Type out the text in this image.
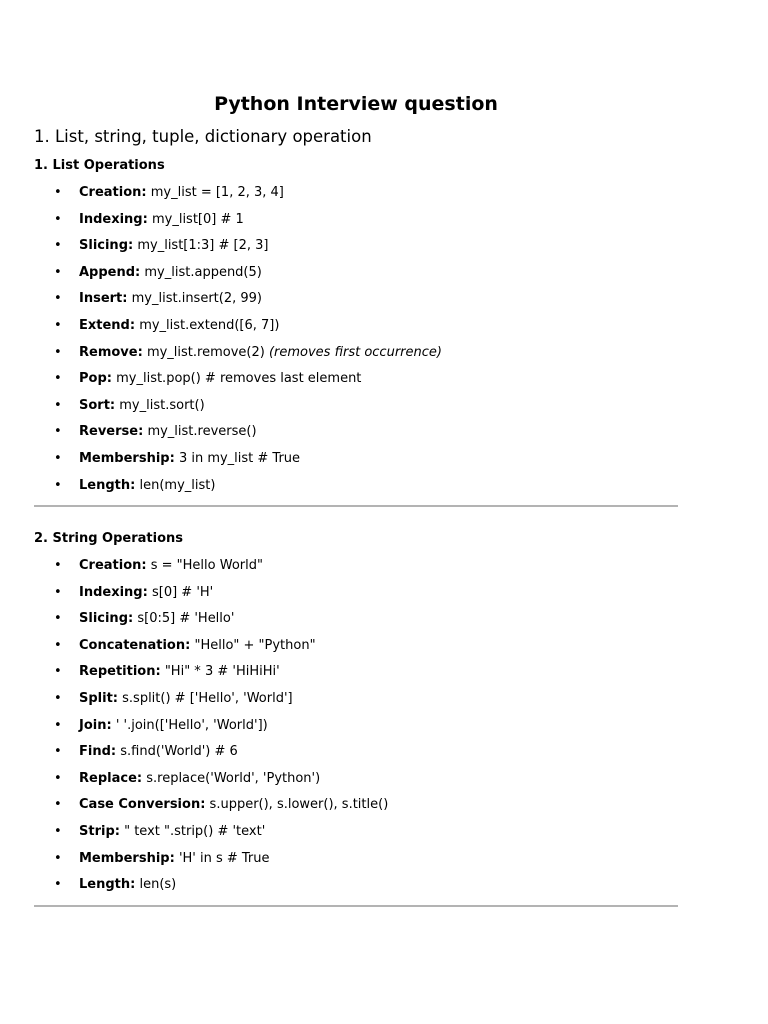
Python Interview question
1. List, string, tuple, dictionary operation
1. List Operations
• Creation: my_list = [1, 2, 3, 4]
• Indexing: my_list[0] # 1
• Slicing: my_list[1:3] # [2, 3]
• Append: my_list.append(5)
• Insert: my_list.insert(2, 99)
• Extend: my_list.extend([6, 7])
• Remove: my_list.remove(2) (removes first occurrence)
• Pop: my_list.pop() # removes last element
• Sort: my_list.sort()
• Reverse: my_list.reverse()
• Membership: 3 in my_list # True
• Length: len(my_list)
2. String Operations
• Creation: s = "Hello World"
• Indexing: s[0] # 'H'
• Slicing: s[0:5] # 'Hello'
• Concatenation: "Hello" + "Python"
• Repetition: "Hi" * 3 # 'HiHiHi'
• Split: s.split() # ['Hello', 'World']
• Join: ' '.join(['Hello', 'World'])
• Find: s.find('World') # 6
• Replace: s.replace('World', 'Python')
• Case Conversion: s.upper(), s.lower(), s.title()
• Strip: " text ".strip() # 'text'
• Membership: 'H' in s # True
• Length: len(s)
